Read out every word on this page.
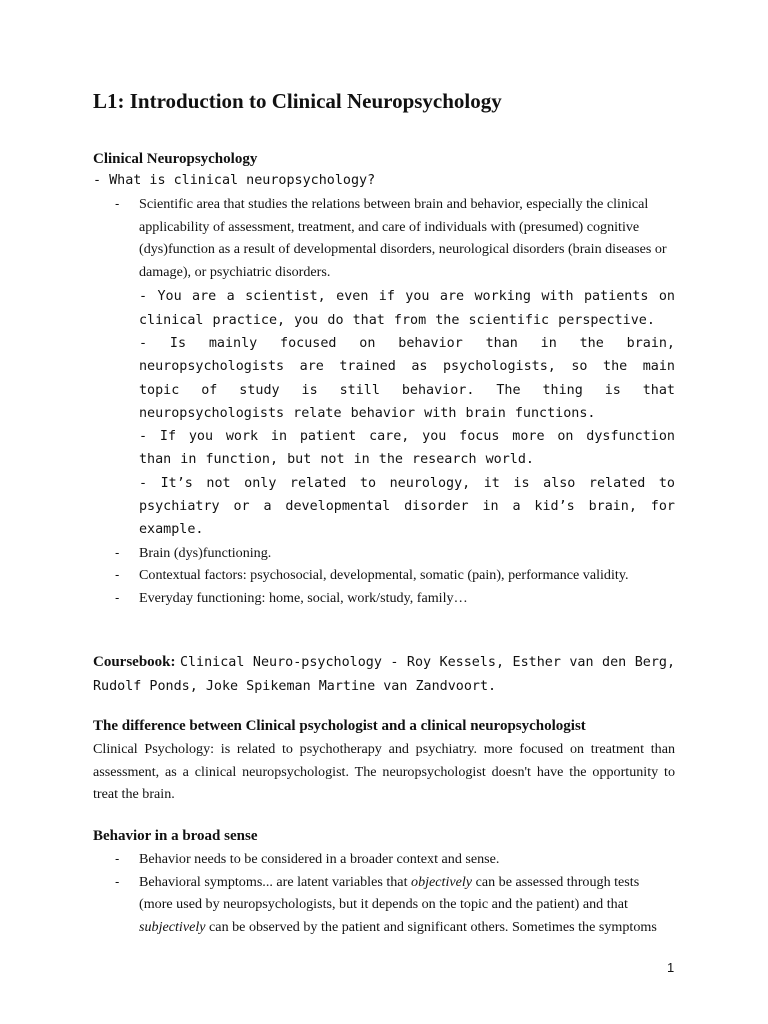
L1: Introduction to Clinical Neuropsychology
Clinical Neuropsychology
- What is clinical neuropsychology?
- Scientific area that studies the relations between brain and behavior, especially the clinical applicability of assessment, treatment, and care of individuals with (presumed) cognitive (dys)function as a result of developmental disorders, neurological disorders (brain diseases or damage), or psychiatric disorders.
- You are a scientist, even if you are working with patients on clinical practice, you do that from the scientific perspective.
- Is mainly focused on behavior than in the brain, neuropsychologists are trained as psychologists, so the main topic of study is still behavior. The thing is that neuropsychologists relate behavior with brain functions.
- If you work in patient care, you focus more on dysfunction than in function, but not in the research world.
- It’s not only related to neurology, it is also related to psychiatry or a developmental disorder in a kid’s brain, for example.
- Brain (dys)functioning.
- Contextual factors: psychosocial, developmental, somatic (pain), performance validity.
- Everyday functioning: home, social, work/study, family…

Coursebook: Clinical Neuro-psychology - Roy Kessels, Esther van den Berg, Rudolf Ponds, Joke Spikeman Martine van Zandvoort.

The difference between Clinical psychologist and a clinical neuropsychologist

Clinical Psychology: is related to psychotherapy and psychiatry. more focused on treatment than assessment, as a clinical neuropsychologist. The neuropsychologist doesn't have the opportunity to treat the brain.

Behavior in a broad sense
- Behavior needs to be considered in a broader context and sense.
- Behavioral symptoms... are latent variables that objectively can be assessed through tests (more used by neuropsychologists, but it depends on the topic and the patient) and that subjectively can be observed by the patient and significant others. Sometimes the symptoms
1
